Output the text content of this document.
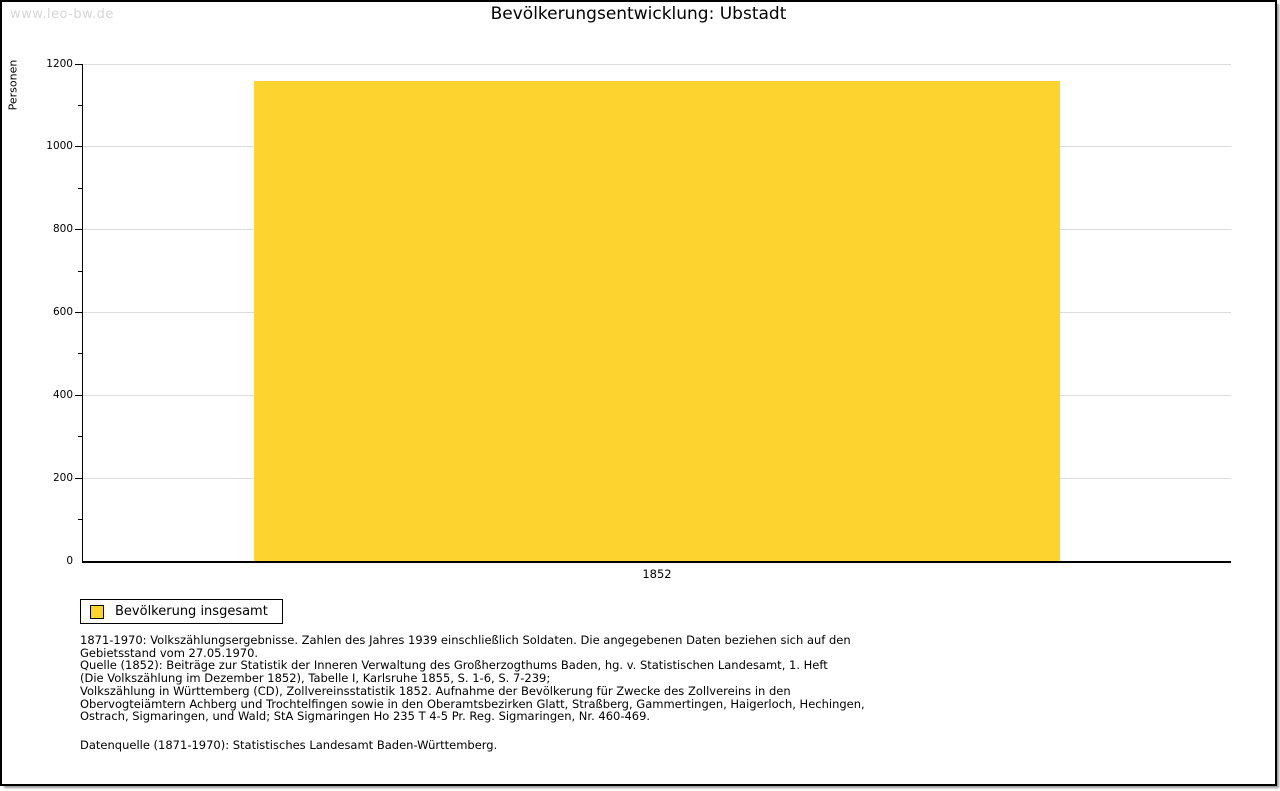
www.leo-bw.de	Bevölkerungsentwicklung: Ubstadt
Personen
1852
0
200
400
600
800
1000
1200
Bevölkerung insgesamt
1871-1970: Volkszählungsergebnisse. Zahlen des Jahres 1939 einschließlich Soldaten. Die angegebenen Daten beziehen sich auf den
Gebietsstand vom 27.05.1970.
Quelle (1852): Beiträge zur Statistik der Inneren Verwaltung des Großherzogthums Baden, hg. v. Statistischen Landesamt, 1. Heft
(Die Volkszählung im Dezember 1852), Tabelle I, Karlsruhe 1855, S. 1-6, S. 7-239;
Volkszählung in Württemberg (CD), Zollvereinsstatistik 1852. Aufnahme der Bevölkerung für Zwecke des Zollvereins in den
Obervogteiämtern Achberg und Trochtelfingen sowie in den Oberamtsbezirken Glatt, Straßberg, Gammertingen, Haigerloch, Hechingen,
Ostrach, Sigmaringen, und Wald; StA Sigmaringen Ho 235 T 4-5 Pr. Reg. Sigmaringen, Nr. 460-469.
Datenquelle (1871-1970): Statistisches Landesamt Baden-Württemberg.
